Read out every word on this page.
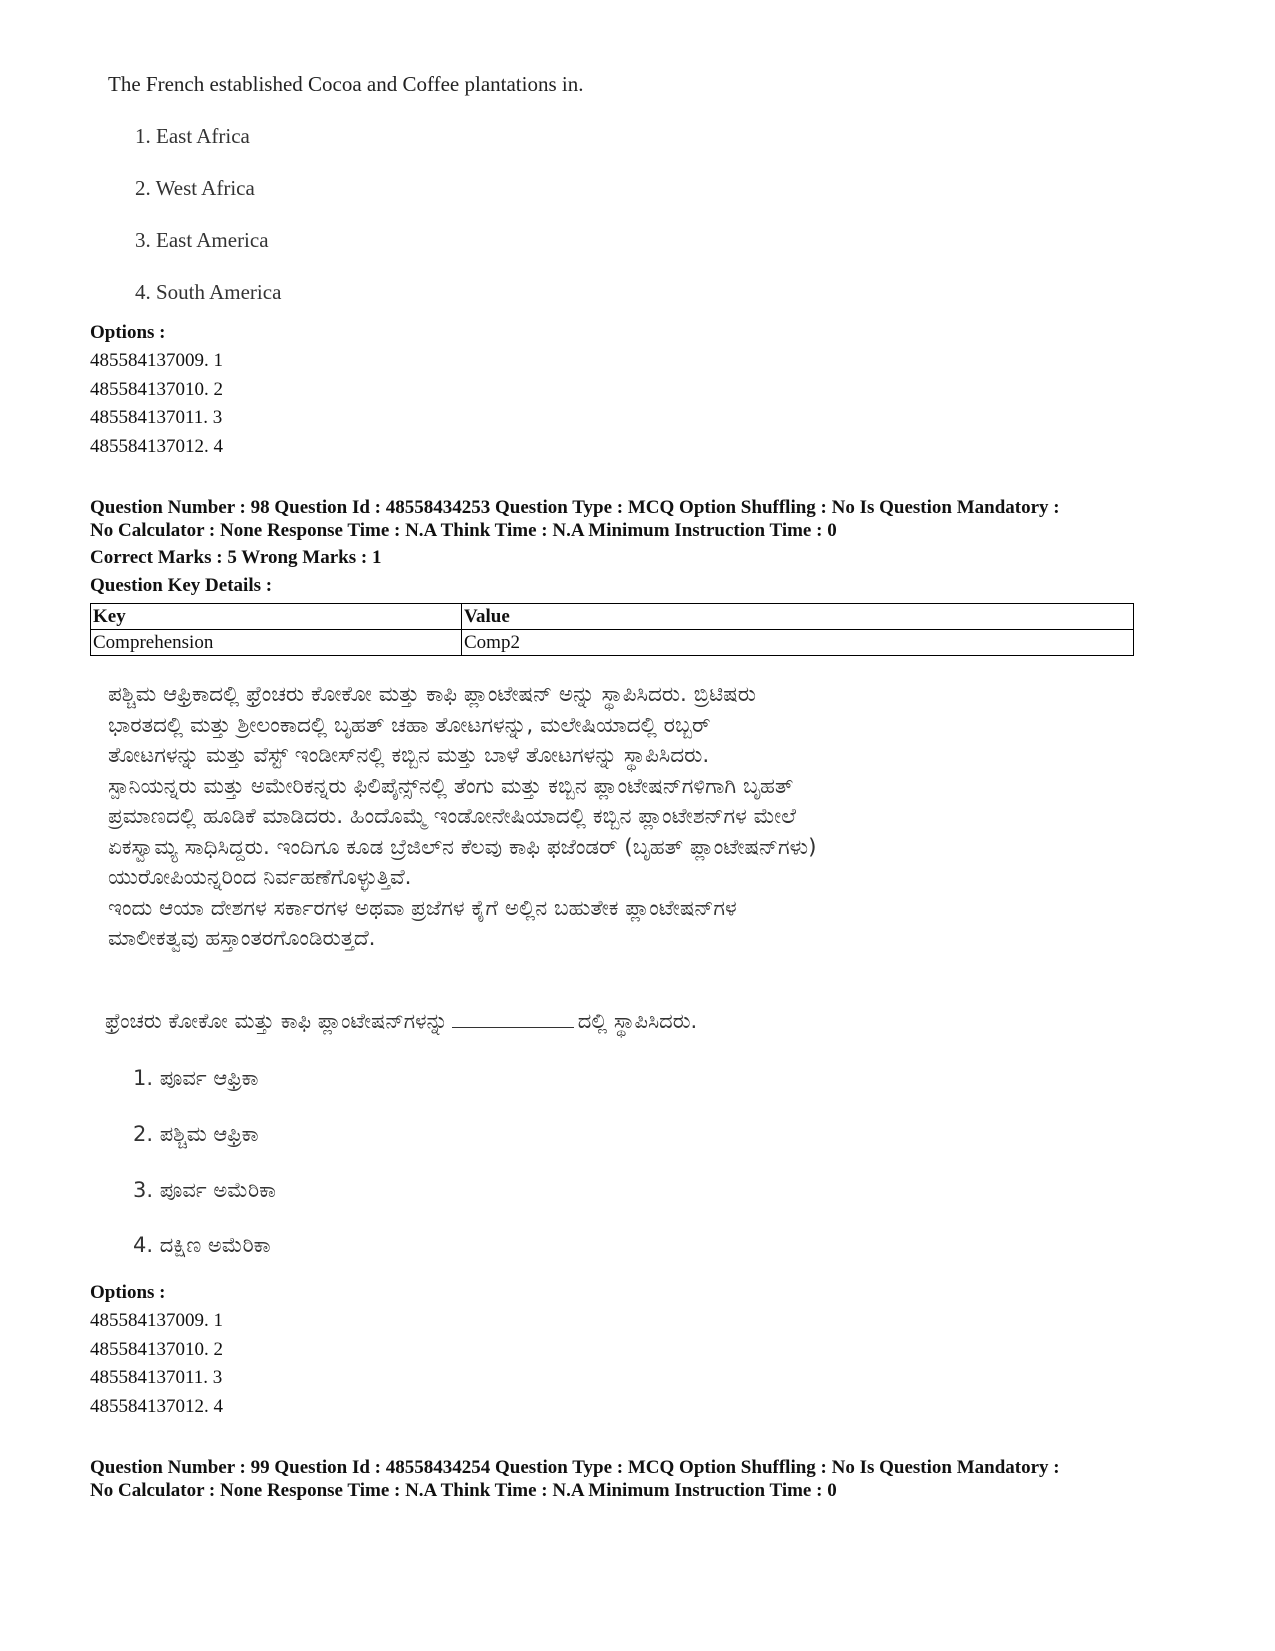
The French established Cocoa and Coffee plantations in.
1. East Africa
2. West Africa
3. East America
4. South America
Options :
485584137009. 1
485584137010. 2
485584137011. 3
485584137012. 4
Question Number : 98 Question Id : 48558434253 Question Type : MCQ Option Shuffling : No Is Question Mandatory :
No Calculator : None Response Time : N.A Think Time : N.A Minimum Instruction Time : 0
Correct Marks : 5 Wrong Marks : 1
Question Key Details :
Key	Value
Comprehension	Comp2
ಪಶ್ಚಿಮ ಆಫ್ರಿಕಾದಲ್ಲಿ ಫ್ರೆಂಚರು ಕೋಕೋ ಮತ್ತು ಕಾಫಿ ಪ್ಲಾಂಟೇಷನ್ ಅನ್ನು ಸ್ಥಾಪಿಸಿದರು. ಬ್ರಿಟಿಷರು
ಭಾರತದಲ್ಲಿ ಮತ್ತು ಶ್ರೀಲಂಕಾದಲ್ಲಿ ಬೃಹತ್ ಚಹಾ ತೋಟಗಳನ್ನು, ಮಲೇಷಿಯಾದಲ್ಲಿ ರಬ್ಬರ್
ತೋಟಗಳನ್ನು ಮತ್ತು ವೆಸ್ಟ್ ಇಂಡೀಸ್‌ನಲ್ಲಿ ಕಬ್ಬಿನ ಮತ್ತು ಬಾಳೆ ತೋಟಗಳನ್ನು ಸ್ಥಾಪಿಸಿದರು.
ಸ್ಪಾನಿಯನ್ನರು ಮತ್ತು ಅಮೇರಿಕನ್ನರು ಫಿಲಿಪೈನ್ಸ್‌ನಲ್ಲಿ ತೆಂಗು ಮತ್ತು ಕಬ್ಬಿನ ಪ್ಲಾಂಟೇಷನ್‌ಗಳಿಗಾಗಿ ಬೃಹತ್
ಪ್ರಮಾಣದಲ್ಲಿ ಹೂಡಿಕೆ ಮಾಡಿದರು. ಹಿಂದೊಮ್ಮೆ ಇಂಡೋನೇಷಿಯಾದಲ್ಲಿ ಕಬ್ಬಿನ ಪ್ಲಾಂಟೇಶನ್‌ಗಳ ಮೇಲೆ
ಏಕಸ್ವಾಮ್ಯ ಸಾಧಿಸಿದ್ದರು. ಇಂದಿಗೂ ಕೂಡ ಬ್ರೆಜಿಲ್‌ನ ಕೆಲವು ಕಾಫಿ ಫಜೆಂಡರ್ (ಬೃಹತ್ ಪ್ಲಾಂಟೇಷನ್‌ಗಳು)
ಯುರೋಪಿಯನ್ನರಿಂದ ನಿರ್ವಹಣೆಗೊಳ್ಳುತ್ತಿವೆ.
ಇಂದು ಆಯಾ ದೇಶಗಳ ಸರ್ಕಾರಗಳ ಅಥವಾ ಪ್ರಜೆಗಳ ಕೈಗೆ ಅಲ್ಲಿನ ಬಹುತೇಕ ಪ್ಲಾಂಟೇಷನ್‌ಗಳ
ಮಾಲೀಕತ್ವವು ಹಸ್ತಾಂತರಗೊಂಡಿರುತ್ತದೆ.
ಫ್ರೆಂಚರು ಕೋಕೋ ಮತ್ತು ಕಾಫಿ ಪ್ಲಾಂಟೇಷನ್‌ಗಳನ್ನು	ದಲ್ಲಿ ಸ್ಥಾಪಿಸಿದರು.
1. ಪೂರ್ವ ಆಫ್ರಿಕಾ
2. ಪಶ್ಚಿಮ ಆಫ್ರಿಕಾ
3. ಪೂರ್ವ ಅಮೆರಿಕಾ
4. ದಕ್ಷಿಣ ಅಮೆರಿಕಾ
Options :
485584137009. 1
485584137010. 2
485584137011. 3
485584137012. 4
Question Number : 99 Question Id : 48558434254 Question Type : MCQ Option Shuffling : No Is Question Mandatory :
No Calculator : None Response Time : N.A Think Time : N.A Minimum Instruction Time : 0
